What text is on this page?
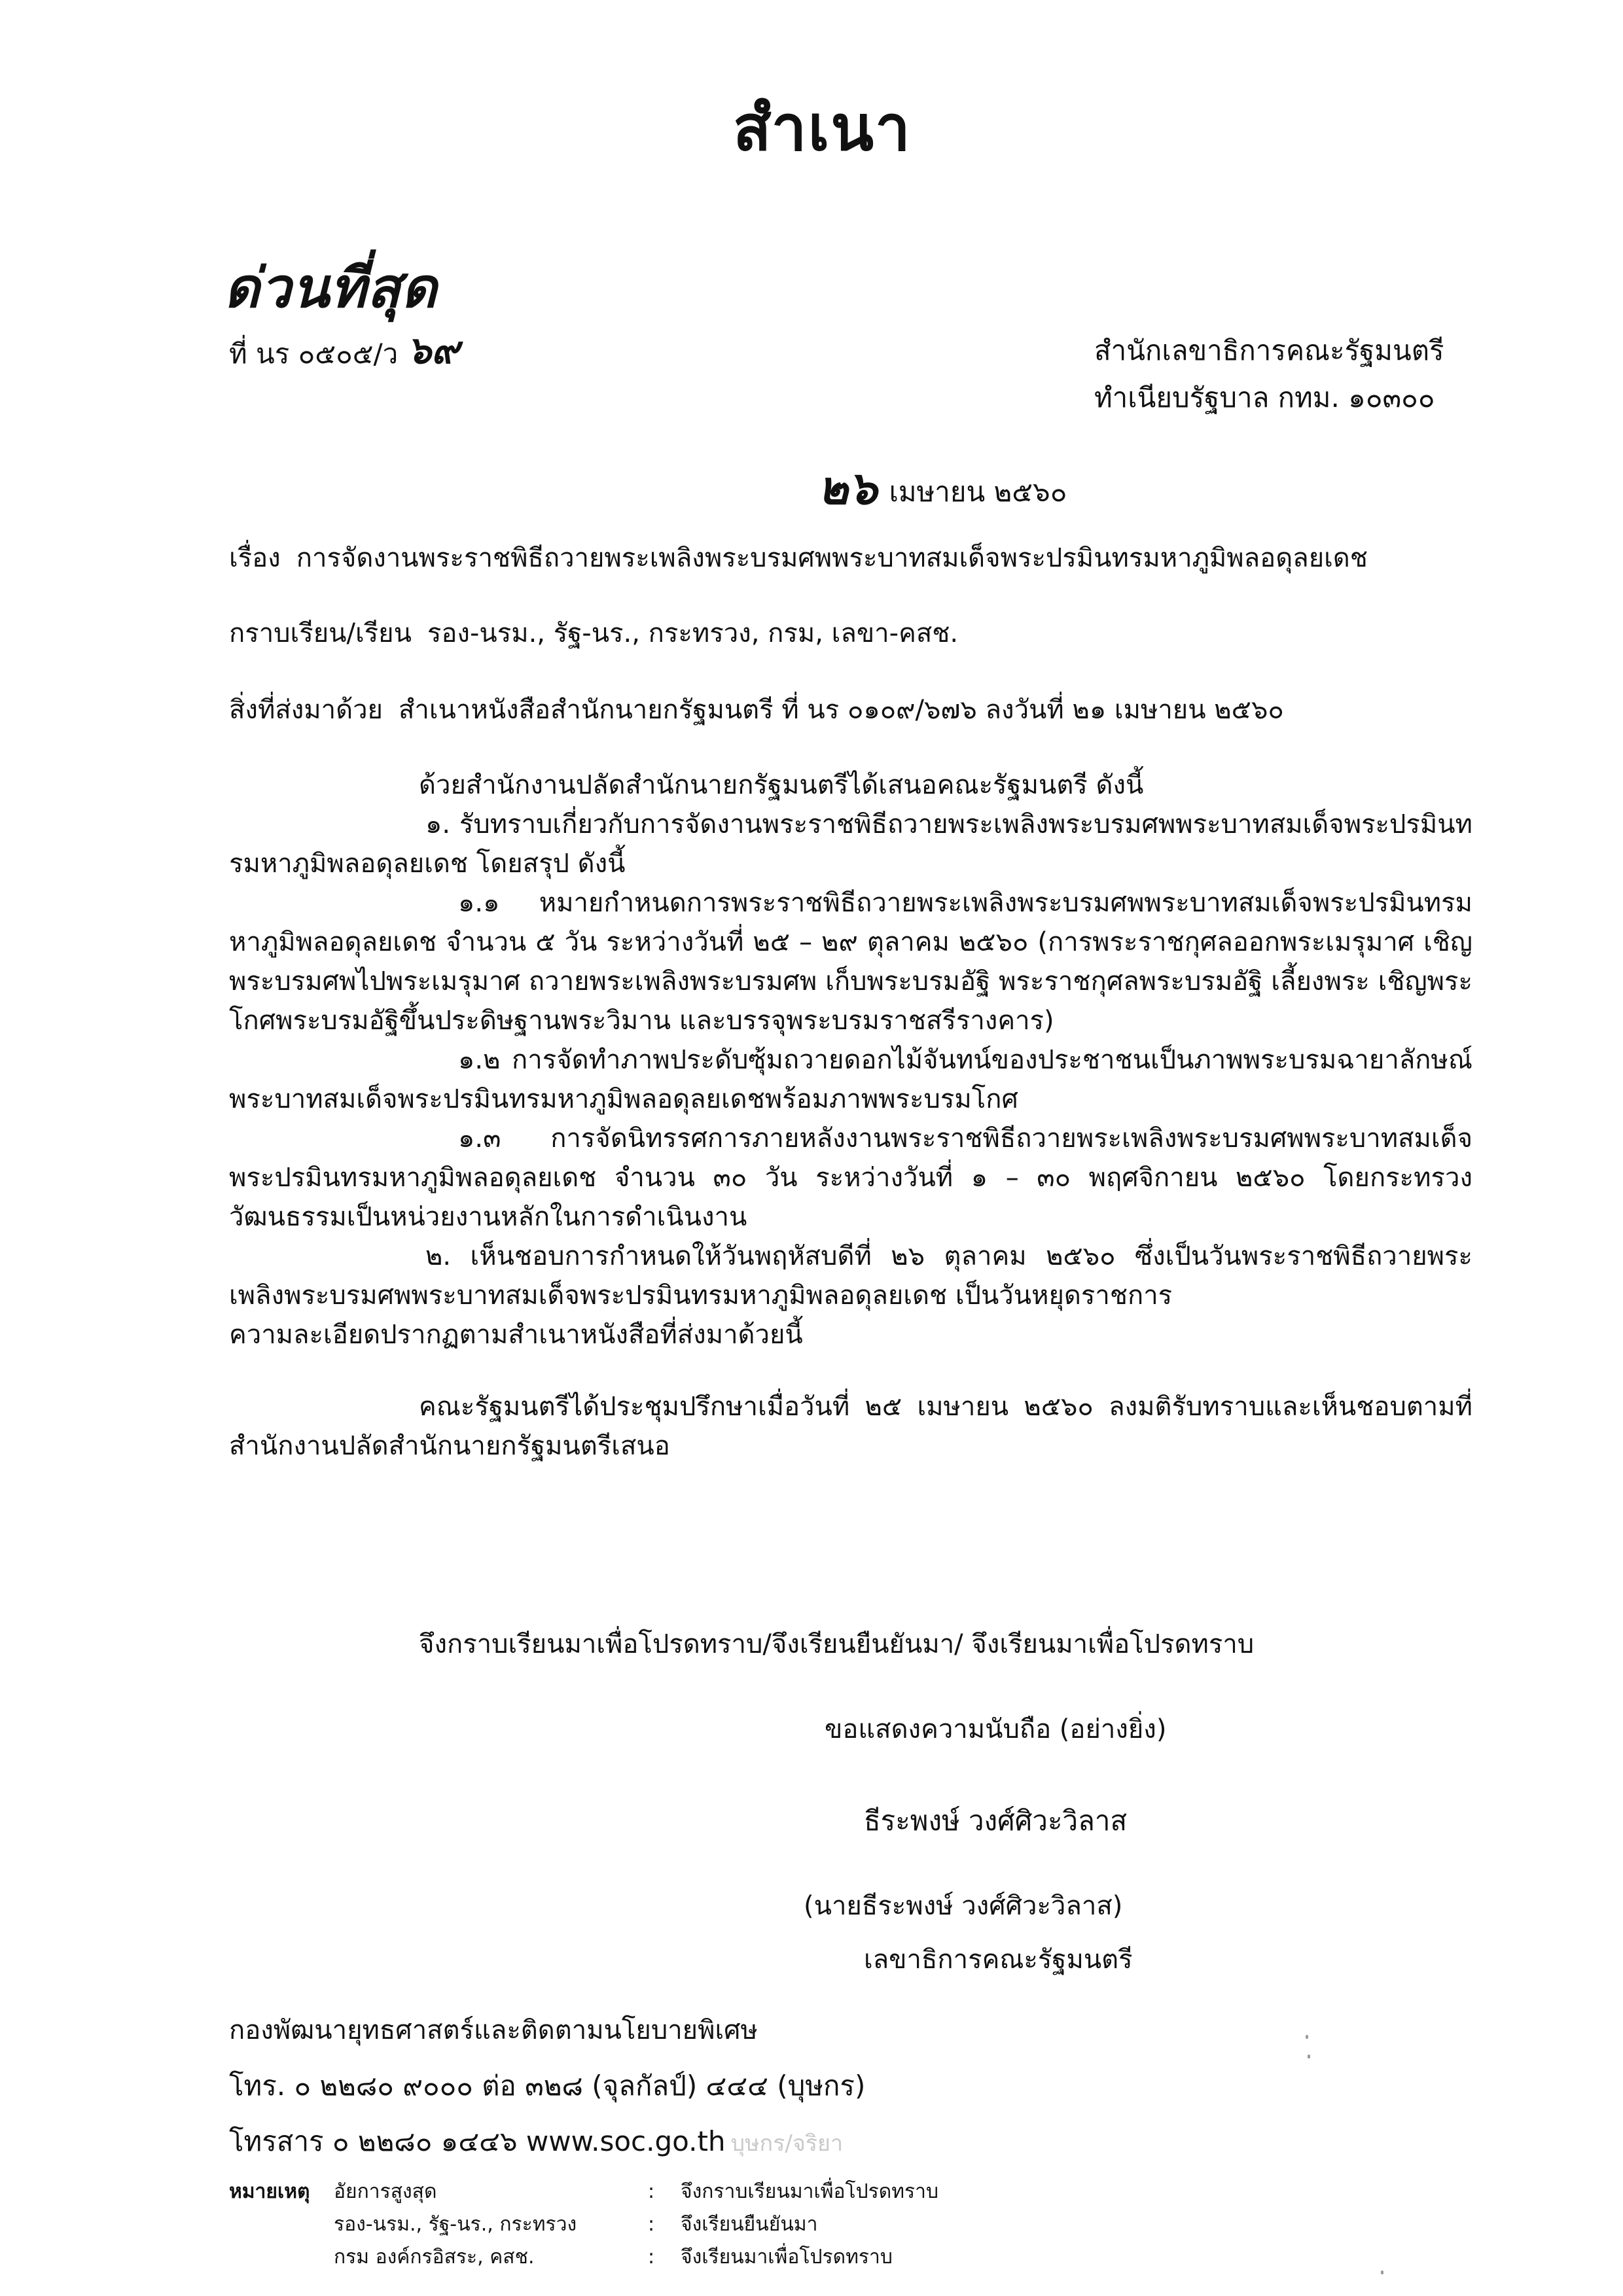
สำเนา
ด่วนที่สุด
ที่ นร ๐๕๐๕/ว ๖๙	สำนักเลขาธิการคณะรัฐมนตรี
ทำเนียบรัฐบาล กทม. ๑๐๓๐๐
๒๖ เมษายน ๒๕๖๐
เรื่อง การจัดงานพระราชพิธีถวายพระเพลิงพระบรมศพพระบาทสมเด็จพระปรมินทรมหาภูมิพลอดุลยเดช
กราบเรียน/เรียน รอง-นรม., รัฐ-นร., กระทรวง, กรม, เลขา-คสช.
สิ่งที่ส่งมาด้วย สำเนาหนังสือสำนักนายกรัฐมนตรี ที่ นร ๐๑๐๙/๖๗๖ ลงวันที่ ๒๑ เมษายน ๒๕๖๐

ด้วยสำนักงานปลัดสำนักนายกรัฐมนตรีได้เสนอคณะรัฐมนตรี ดังนี้

๑. รับทราบเกี่ยวกับการจัดงานพระราชพิธีถวายพระเพลิงพระบรมศพพระบาทสมเด็จพระปรมินทรมหาภูมิพลอดุลยเดช โดยสรุป ดังนี้

๑.๑ หมายกำหนดการพระราชพิธีถวายพระเพลิงพระบรมศพพระบาทสมเด็จพระปรมินทรมหาภูมิพลอดุลยเดช จำนวน ๕ วัน ระหว่างวันที่ ๒๕ – ๒๙ ตุลาคม ๒๕๖๐ (การพระราชกุศลออกพระเมรุมาศ เชิญพระบรมศพไปพระเมรุมาศ ถวายพระเพลิงพระบรมศพ เก็บพระบรมอัฐิ พระราชกุศลพระบรมอัฐิ เลี้ยงพระ เชิญพระโกศพระบรมอัฐิขึ้นประดิษฐานพระวิมาน และบรรจุพระบรมราชสรีรางคาร)

๑.๒ การจัดทำภาพประดับซุ้มถวายดอกไม้จันทน์ของประชาชนเป็นภาพพระบรมฉายาลักษณ์พระบาทสมเด็จพระปรมินทรมหาภูมิพลอดุลยเดชพร้อมภาพพระบรมโกศ

๑.๓ การจัดนิทรรศการภายหลังงานพระราชพิธีถวายพระเพลิงพระบรมศพพระบาทสมเด็จพระปรมินทรมหาภูมิพลอดุลยเดช จำนวน ๓๐ วัน ระหว่างวันที่ ๑ – ๓๐ พฤศจิกายน ๒๕๖๐ โดยกระทรวงวัฒนธรรมเป็นหน่วยงานหลักในการดำเนินงาน

๒. เห็นชอบการกำหนดให้วันพฤหัสบดีที่ ๒๖ ตุลาคม ๒๕๖๐ ซึ่งเป็นวันพระราชพิธีถวายพระเพลิงพระบรมศพพระบาทสมเด็จพระปรมินทรมหาภูมิพลอดุลยเดช เป็นวันหยุดราชการ

ความละเอียดปรากฏตามสำเนาหนังสือที่ส่งมาด้วยนี้

คณะรัฐมนตรีได้ประชุมปรึกษาเมื่อวันที่ ๒๕ เมษายน ๒๕๖๐ ลงมติรับทราบและเห็นชอบตามที่สำนักงานปลัดสำนักนายกรัฐมนตรีเสนอ

จึงกราบเรียนมาเพื่อโปรดทราบ/จึงเรียนยืนยันมา/ จึงเรียนมาเพื่อโปรดทราบ
ขอแสดงความนับถือ (อย่างยิ่ง)
ธีระพงษ์ วงศ์ศิวะวิลาส
(นายธีระพงษ์ วงศ์ศิวะวิลาส)
เลขาธิการคณะรัฐมนตรี
กองพัฒนายุทธศาสตร์และติดตามนโยบายพิเศษ
โทร. ๐ ๒๒๘๐ ๙๐๐๐ ต่อ ๓๒๘ (จุลกัลป์) ๔๔๔ (บุษกร)
โทรสาร ๐ ๒๒๘๐ ๑๔๔๖ www.soc.go.th บุษกร/จริยา
หมายเหตุ	อัยการสูงสุด	:	จึงกราบเรียนมาเพื่อโปรดทราบ
	รอง-นรม., รัฐ-นร., กระทรวง	:	จึงเรียนยืนยันมา
	กรม องค์กรอิสระ, คสช.	:	จึงเรียนมาเพื่อโปรดทราบ
